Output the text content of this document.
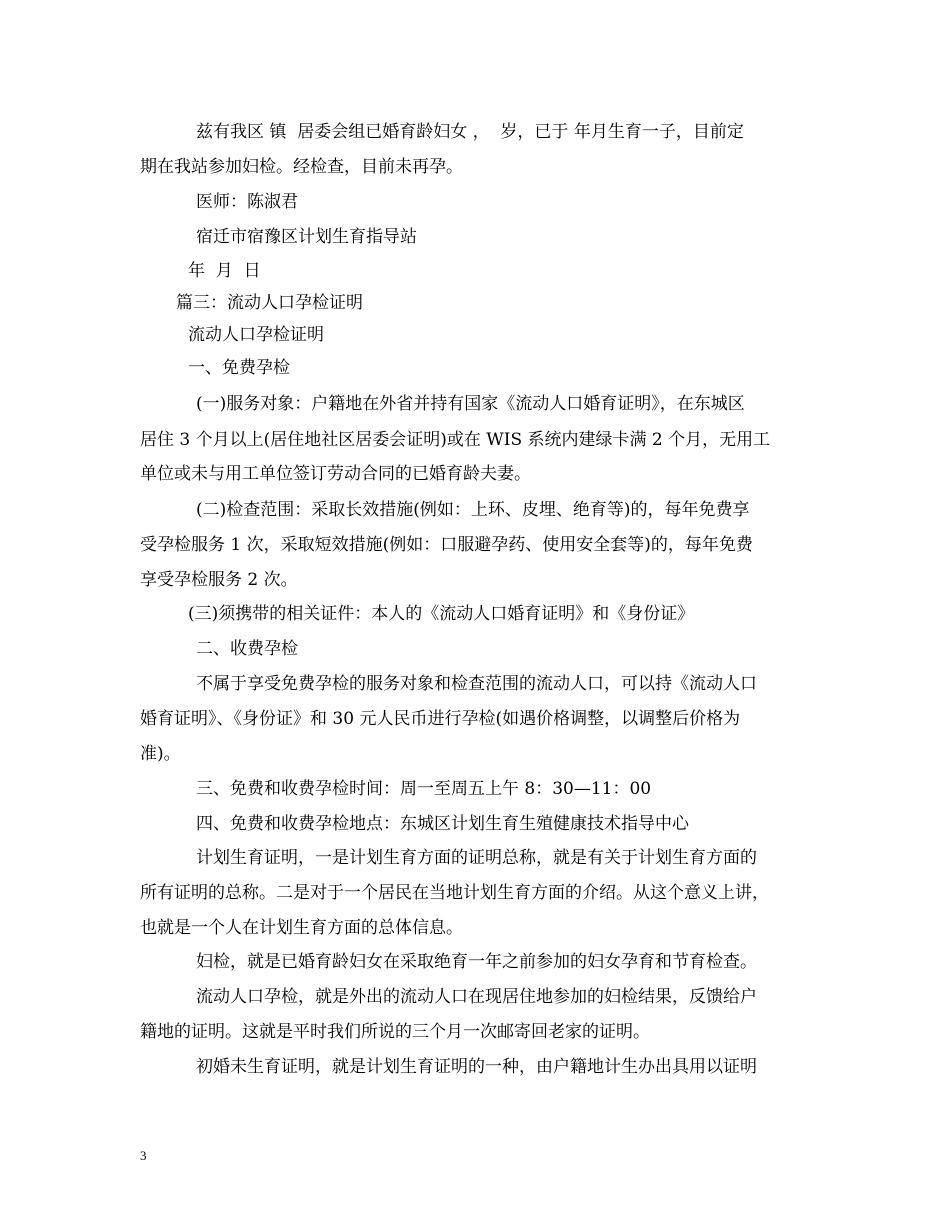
兹有我区 镇  居委会组已婚育龄妇女 ，  岁，已于 年月生育一子，目前定
期在我站参加妇检。经检查，目前未再孕。
医师：陈淑君
宿迁市宿豫区计划生育指导站
年  月  日
篇三：流动人口孕检证明
流动人口孕检证明
一、免费孕检
(一)服务对象：户籍地在外省并持有国家《流动人口婚育证明》，在东城区
居住 3 个月以上(居住地社区居委会证明)或在 WIS 系统内建绿卡满 2 个月，无用工
单位或未与用工单位签订劳动合同的已婚育龄夫妻。
(二)检查范围：采取长效措施(例如：上环、皮埋、绝育等)的，每年免费享
受孕检服务 1 次，采取短效措施(例如：口服避孕药、使用安全套等)的，每年免费
享受孕检服务 2 次。
(三)须携带的相关证件：本人的《流动人口婚育证明》和《身份证》
二、收费孕检
不属于享受免费孕检的服务对象和检查范围的流动人口，可以持《流动人口
婚育证明》、《身份证》和 30 元人民币进行孕检(如遇价格调整，以调整后价格为
准)。
三、免费和收费孕检时间：周一至周五上午 8：30—11：00
四、免费和收费孕检地点：东城区计划生育生殖健康技术指导中心
计划生育证明，一是计划生育方面的证明总称，就是有关于计划生育方面的
所有证明的总称。二是对于一个居民在当地计划生育方面的介绍。从这个意义上讲，
也就是一个人在计划生育方面的总体信息。
妇检，就是已婚育龄妇女在采取绝育一年之前参加的妇女孕育和节育检查。
流动人口孕检，就是外出的流动人口在现居住地参加的妇检结果，反馈给户
籍地的证明。这就是平时我们所说的三个月一次邮寄回老家的证明。
初婚未生育证明，就是计划生育证明的一种，由户籍地计生办出具用以证明
3
